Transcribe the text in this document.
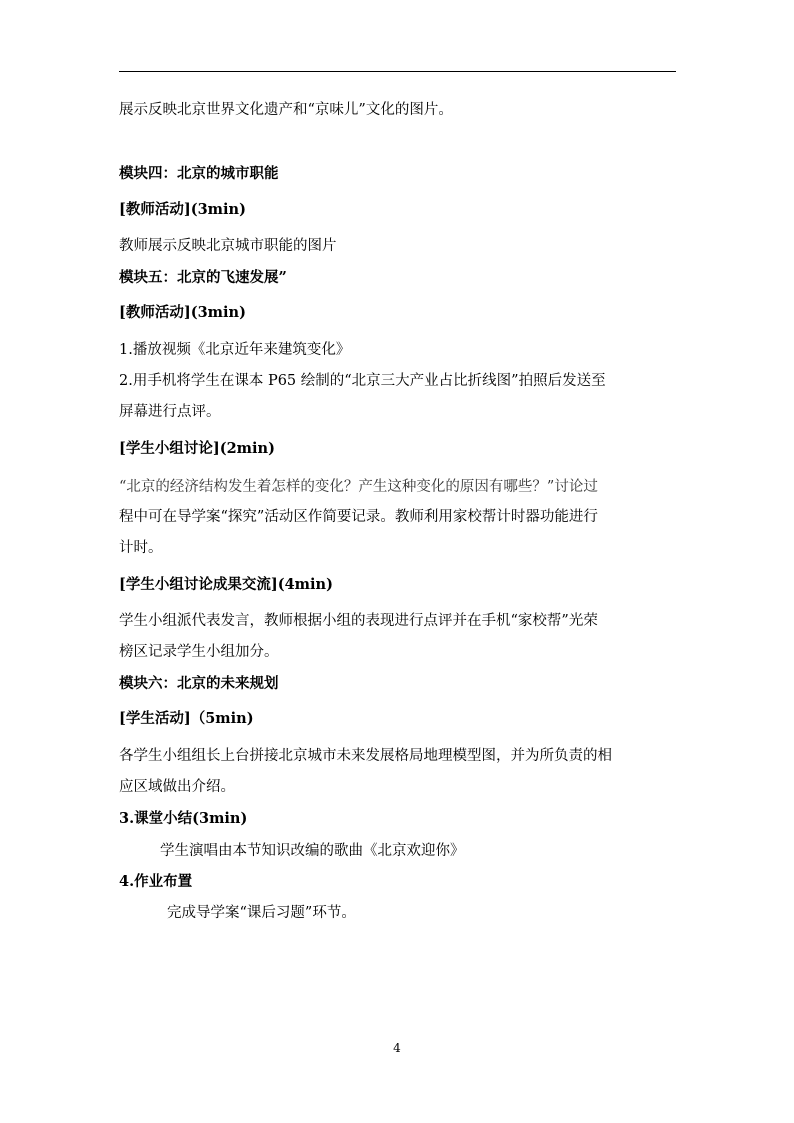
展示反映北京世界文化遗产和“京味儿”文化的图片。
模块四：北京的城市职能
[教师活动](3min)
教师展示反映北京城市职能的图片
模块五：北京的飞速发展”
[教师活动](3min)
1.播放视频《北京近年来建筑变化》
2.用手机将学生在课本 P65 绘制的“北京三大产业占比折线图”拍照后发送至
屏幕进行点评。
[学生小组讨论](2min)
“北京的经济结构发生着怎样的变化？产生这种变化的原因有哪些？”讨论过
程中可在导学案“探究”活动区作简要记录。教师利用家校帮计时器功能进行
计时。
[学生小组讨论成果交流](4min)
学生小组派代表发言，教师根据小组的表现进行点评并在手机“家校帮”光荣
榜区记录学生小组加分。
模块六：北京的未来规划
[学生活动]（5min)
各学生小组组长上台拼接北京城市未来发展格局地理模型图，并为所负责的相
应区域做出介绍。
3.课堂小结(3min)
学生演唱由本节知识改编的歌曲《北京欢迎你》
4.作业布置
完成导学案“课后习题”环节。
4
